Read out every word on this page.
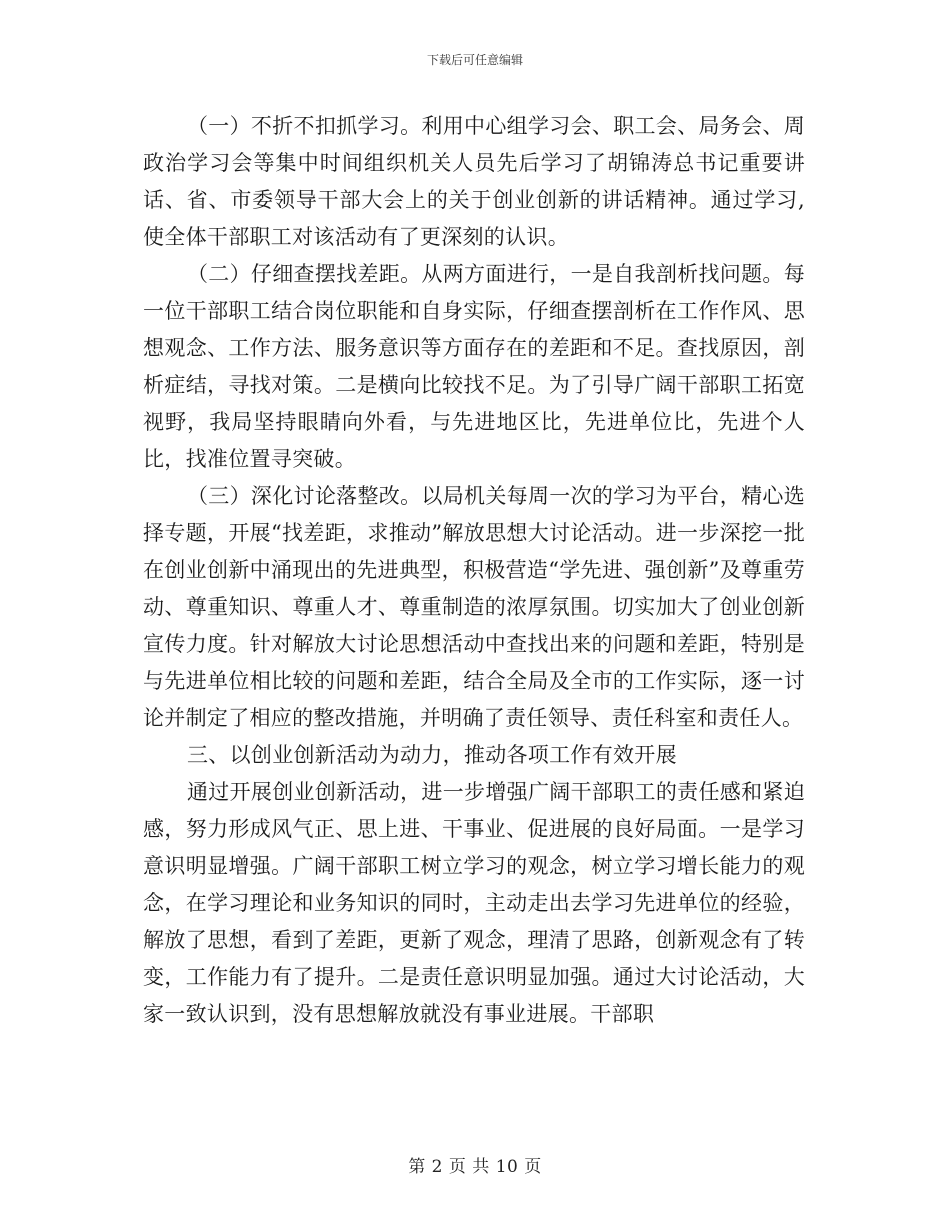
下载后可任意编辑

（一）不折不扣抓学习。利用中心组学习会、职工会、局务会、周政治学习会等集中时间组织机关人员先后学习了胡锦涛总书记重要讲话、省、市委领导干部大会上的关于创业创新的讲话精神。通过学习,使全体干部职工对该活动有了更深刻的认识。

（二）仔细查摆找差距。从两方面进行，一是自我剖析找问题。每一位干部职工结合岗位职能和自身实际，仔细查摆剖析在工作作风、思想观念、工作方法、服务意识等方面存在的差距和不足。查找原因，剖析症结，寻找对策。二是横向比较找不足。为了引导广阔干部职工拓宽视野，我局坚持眼睛向外看，与先进地区比，先进单位比，先进个人比，找准位置寻突破。

（三）深化讨论落整改。以局机关每周一次的学习为平台，精心选择专题，开展“找差距，求推动”解放思想大讨论活动。进一步深挖一批在创业创新中涌现出的先进典型，积极营造“学先进、强创新”及尊重劳动、尊重知识、尊重人才、尊重制造的浓厚氛围。切实加大了创业创新宣传力度。针对解放大讨论思想活动中查找出来的问题和差距，特别是与先进单位相比较的问题和差距，结合全局及全市的工作实际，逐一讨论并制定了相应的整改措施，并明确了责任领导、责任科室和责任人。

三、以创业创新活动为动力，推动各项工作有效开展

通过开展创业创新活动，进一步增强广阔干部职工的责任感和紧迫感，努力形成风气正、思上进、干事业、促进展的良好局面。一是学习意识明显增强。广阔干部职工树立学习的观念，树立学习增长能力的观念，在学习理论和业务知识的同时，主动走出去学习先进单位的经验，解放了思想，看到了差距，更新了观念，理清了思路，创新观念有了转变，工作能力有了提升。二是责任意识明显加强。通过大讨论活动，大家一致认识到，没有思想解放就没有事业进展。干部职

第 2 页 共 10 页
